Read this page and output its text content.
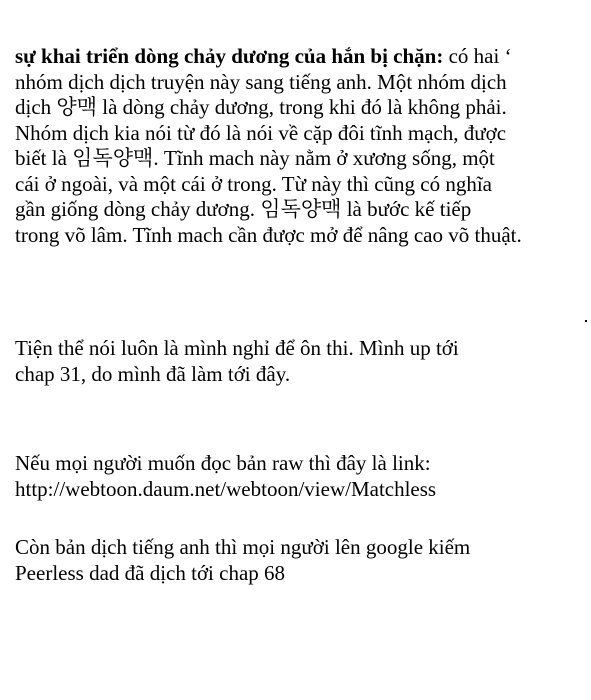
sự khai triển dòng chảy dương của hắn bị chặn: có hai ‘
nhóm dịch dịch truyện này sang tiếng anh. Một nhóm dịch
dịch 양맥 là dòng chảy dương, trong khi đó là không phải.
Nhóm dịch kia nói từ đó là nói về cặp đôi tĩnh mạch, được
biết là 임독양맥. Tĩnh mach này nằm ở xương sống, một
cái ở ngoài, và một cái ở trong. Từ này thì cũng có nghĩa
gần giống dòng chảy dương. 임독양맥 là bước kế tiếp
trong võ lâm. Tĩnh mach cần được mở để nâng cao võ thuật.

Tiện thể nói luôn là mình nghỉ để ôn thi. Mình up tới
chap 31, do mình đã làm tới đây.

Nếu mọi người muốn đọc bản raw thì đây là link:
http://webtoon.daum.net/webtoon/view/Matchless

Còn bản dịch tiếng anh thì mọi người lên google kiếm
Peerless dad đã dịch tới chap 68
